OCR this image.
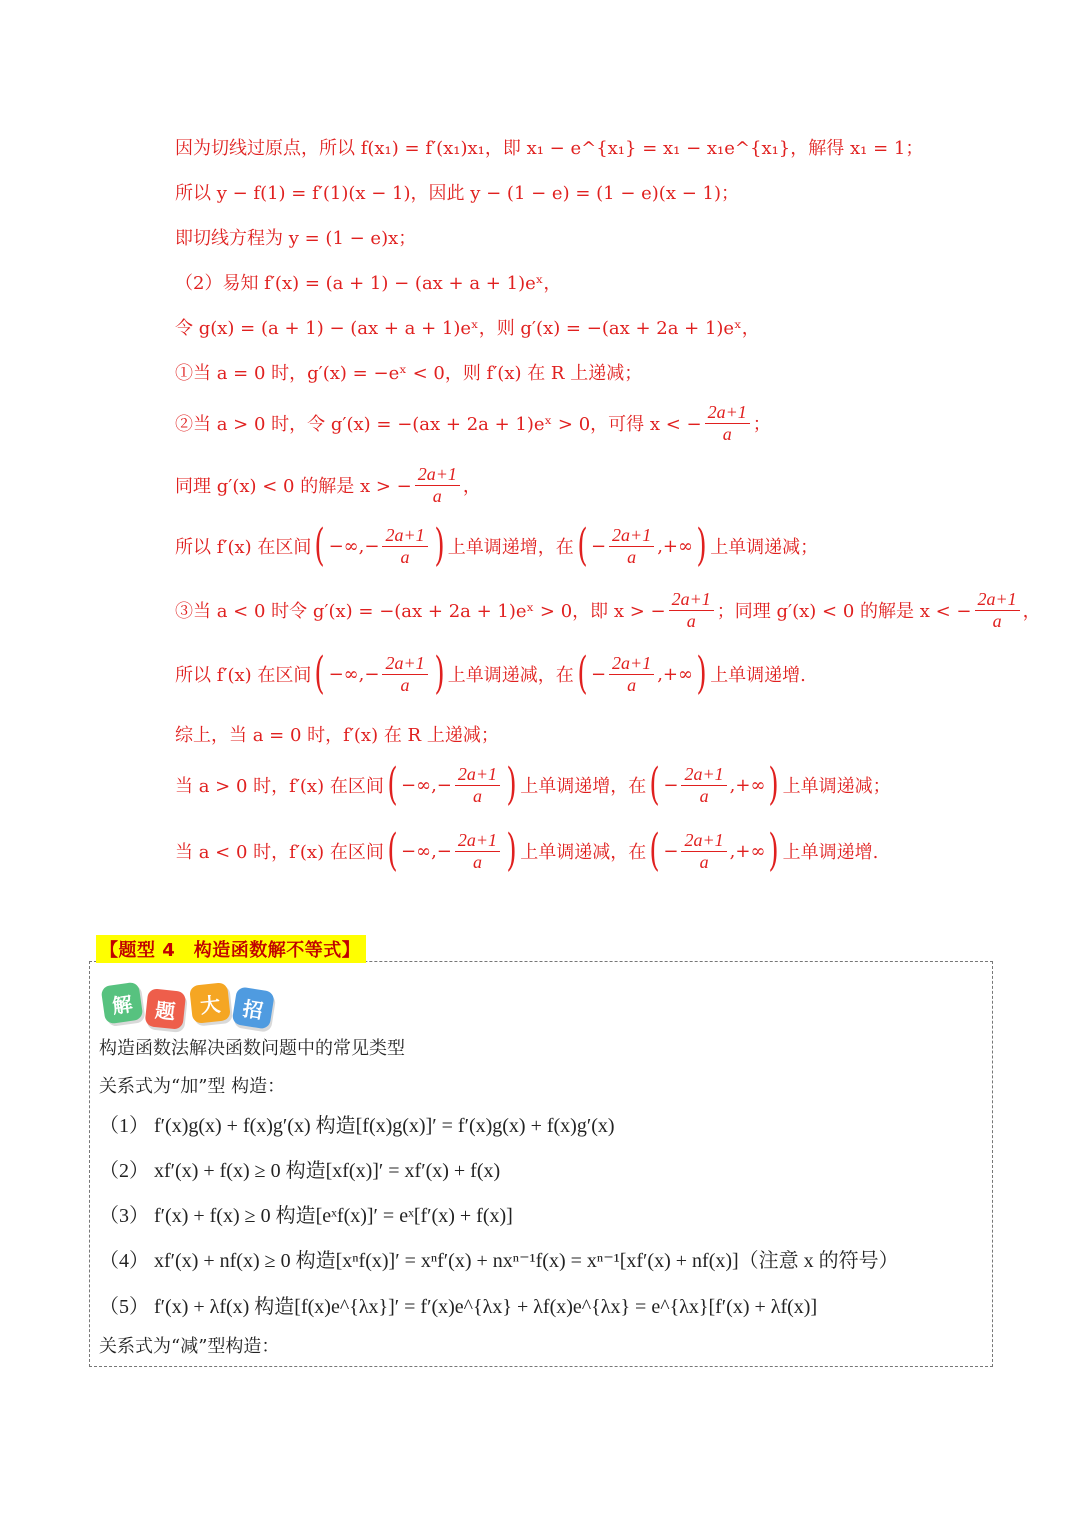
因为切线过原点，所以 f(x₁) = f′(x₁)x₁，即 x₁ − e^{x₁} = x₁ − x₁e^{x₁}，解得 x₁ = 1；
所以 y − f(1) = f′(1)(x − 1)，因此 y − (1 − e) = (1 − e)(x − 1)；
即切线方程为 y = (1 − e)x；
（2）易知 f′(x) = (a + 1) − (ax + a + 1)eˣ，
令 g(x) = (a + 1) − (ax + a + 1)eˣ，则 g′(x) = −(ax + 2a + 1)eˣ，
①当 a = 0 时，g′(x) = −eˣ < 0，则 f′(x) 在 R 上递减；
②当 a > 0 时，令 g′(x) = −(ax + 2a + 1)eˣ > 0，可得 x < − $\frac{2a+1}{a}$ ；
同理 g′(x) < 0 的解是 x > − $\frac{2a+1}{a}$ ，
所以 f′(x) 在区间 ( −∞,− $\frac{2a+1}{a}$ ) 上单调递增，在 ( − $\frac{2a+1}{a}$ ,+∞ ) 上单调递减；
③当 a < 0 时令 g′(x) = −(ax + 2a + 1)eˣ > 0，即 x > − $\frac{2a+1}{a}$ ；同理 g′(x) < 0 的解是 x < − $\frac{2a+1}{a}$ ，
所以 f′(x) 在区间 ( −∞,− $\frac{2a+1}{a}$ ) 上单调递减，在 ( − $\frac{2a+1}{a}$ ,+∞ ) 上单调递增.
综上，当 a = 0 时，f′(x) 在 R 上递减；
当 a > 0 时，f′(x) 在区间 ( −∞,− $\frac{2a+1}{a}$ ) 上单调递增，在 ( − $\frac{2a+1}{a}$ ,+∞ ) 上单调递减；
当 a < 0 时，f′(x) 在区间 ( −∞,− $\frac{2a+1}{a}$ ) 上单调递减，在 ( − $\frac{2a+1}{a}$ ,+∞ ) 上单调递增.
【题型 4　构造函数解不等式】
解	题	大 招
构造函数法解决函数问题中的常见类型
关系式为“加”型 构造：
（1） f′(x)g(x) + f(x)g′(x) 构造[f(x)g(x)]′ = f′(x)g(x) + f(x)g′(x)
（2） xf′(x) + f(x) ≥ 0 构造[xf(x)]′ = xf′(x) + f(x)
（3） f′(x) + f(x) ≥ 0 构造[eˣf(x)]′ = eˣ[f′(x) + f(x)]
（4） xf′(x) + nf(x) ≥ 0 构造[xⁿf(x)]′ = xⁿf′(x) + nxⁿ⁻¹f(x) = xⁿ⁻¹[xf′(x) + nf(x)]（注意 x 的符号）
（5） f′(x) + λf(x) 构造[f(x)e^{λx}]′ = f′(x)e^{λx} + λf(x)e^{λx} = e^{λx}[f′(x) + λf(x)]
关系式为“减”型构造：
